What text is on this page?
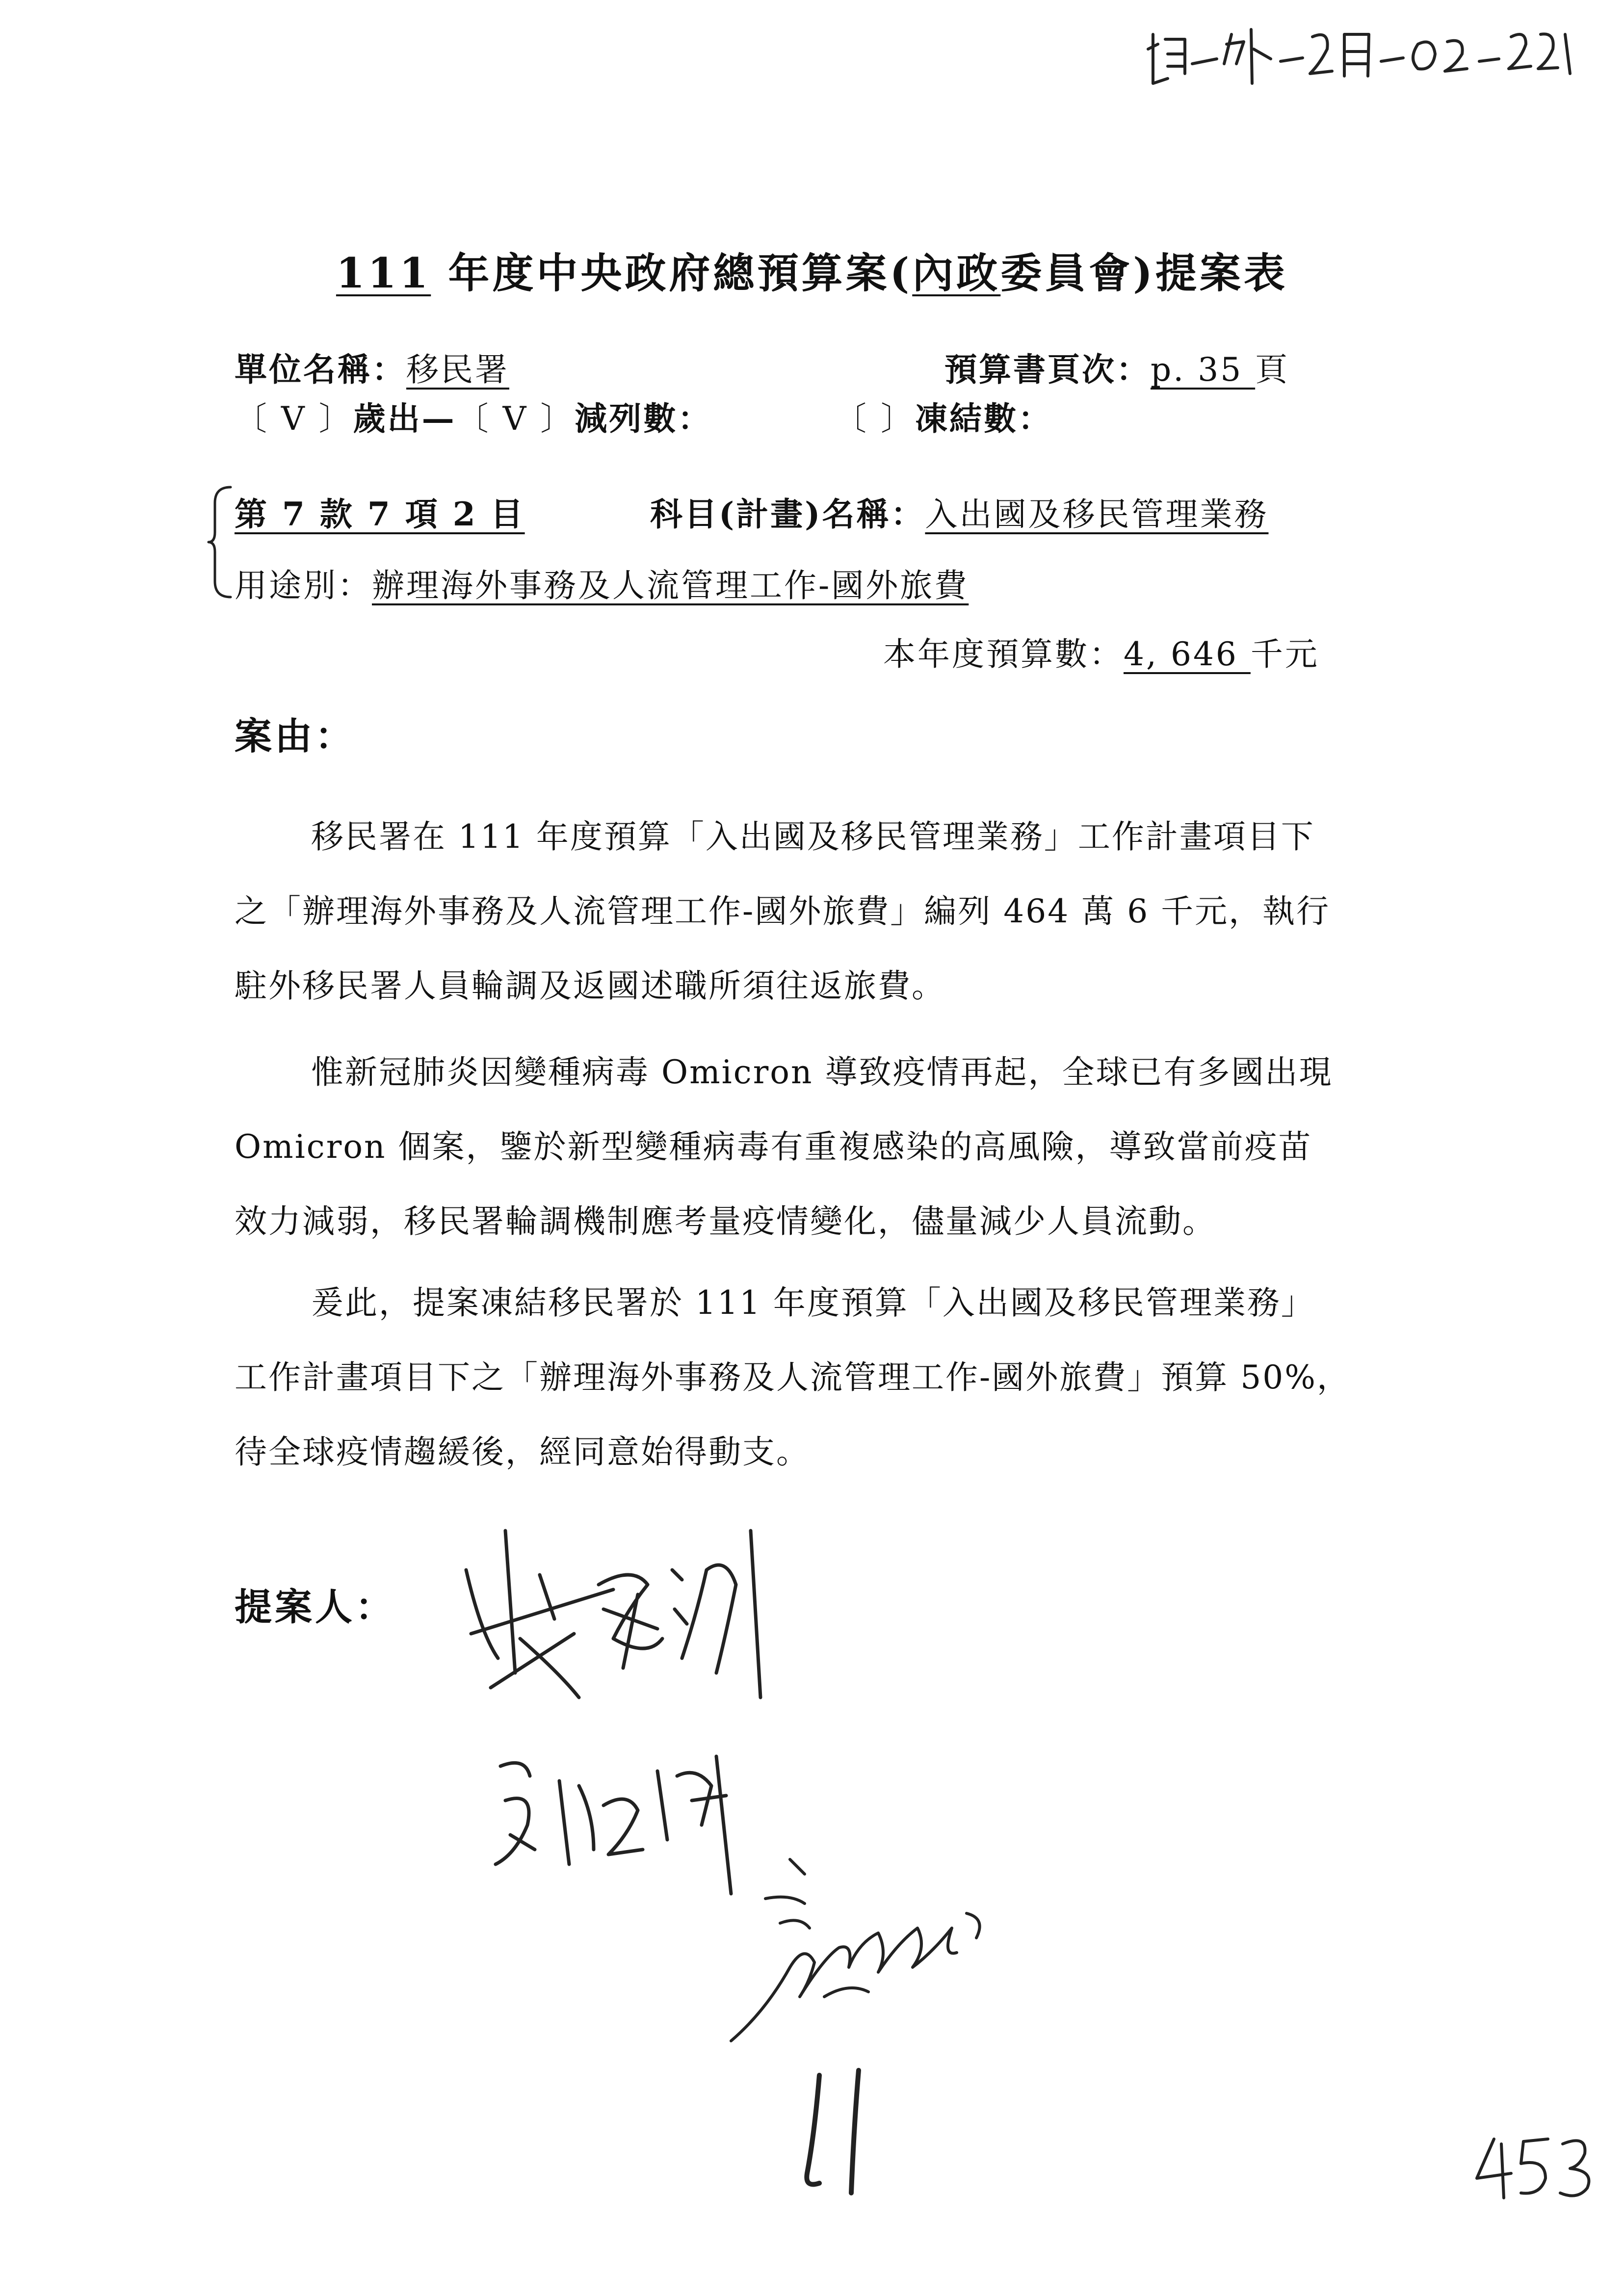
111 年度中央政府總預算案(內政委員會)提案表
單位名稱：移民署	預算書頁次：p. 35 頁
〔 V 〕歲出—〔 V 〕減列數：	〔 〕凍結數：
第 7 款 7 項 2 目	科目(計畫)名稱：入出國及移民管理業務
用途別：辦理海外事務及人流管理工作-國外旅費
本年度預算數：4, 646 千元
案由：
移民署在 111 年度預算「入出國及移民管理業務」工作計畫項目下
之「辦理海外事務及人流管理工作-國外旅費」編列 464 萬 6 千元，執行
駐外移民署人員輪調及返國述職所須往返旅費。
惟新冠肺炎因變種病毒 Omicron 導致疫情再起，全球已有多國出現
Omicron 個案，鑒於新型變種病毒有重複感染的高風險，導致當前疫苗
效力減弱，移民署輪調機制應考量疫情變化，儘量減少人員流動。
爰此，提案凍結移民署於 111 年度預算「入出國及移民管理業務」
工作計畫項目下之「辦理海外事務及人流管理工作-國外旅費」預算 50%，
待全球疫情趨緩後，經同意始得動支。
提案人：
